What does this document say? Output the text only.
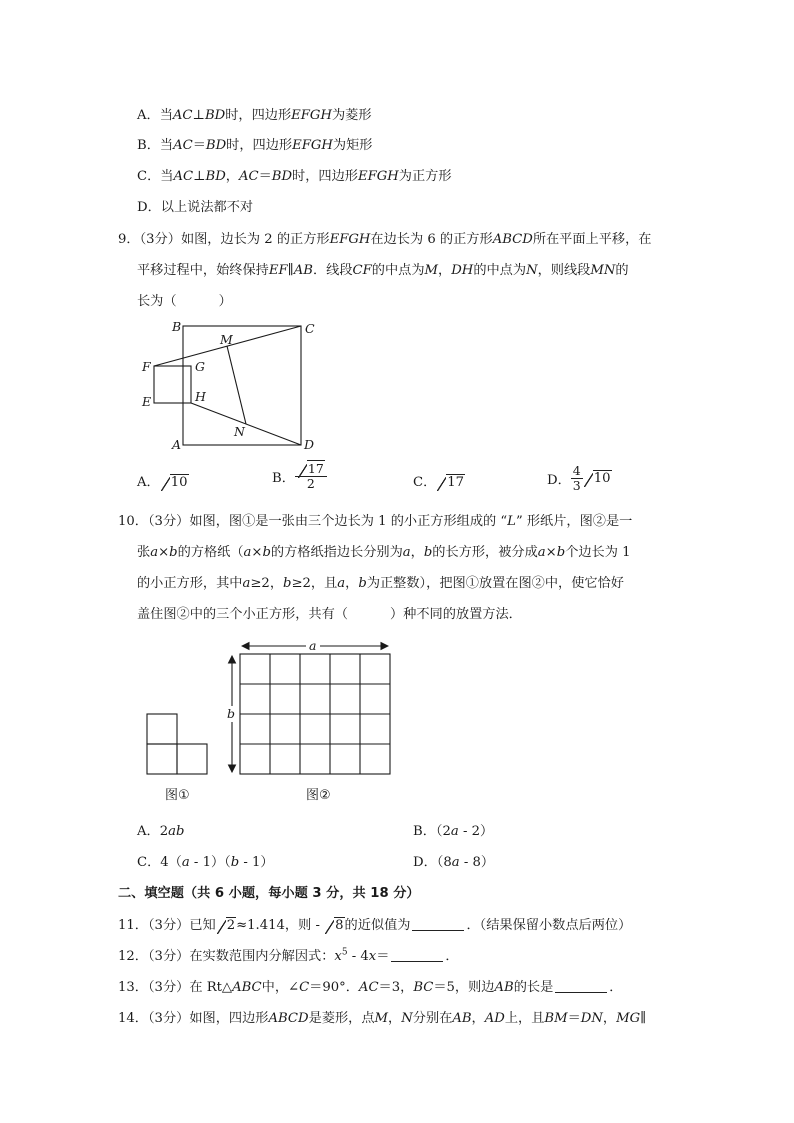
A．当AC⊥BD时，四边形EFGH为菱形
B．当AC＝BD时，四边形EFGH为矩形
C．当AC⊥BD，AC＝BD时，四边形EFGH为正方形
D．以上说法都不对
9．（3分）如图，边长为 2 的正方形EFGH在边长为 6 的正方形ABCD所在平面上平移，在
平移过程中，始终保持EF∥AB．线段CF的中点为M，DH的中点为N，则线段MN的
长为（	）
B	C
M
F	G
E	H
N
A	D
A． 10	B． $\frac{17}{2}$	C． 17	D． $\frac{4}{3} 10$
10．（3分）如图，图①是一张由三个边长为 1 的小正方形组成的 “L” 形纸片，图②是一
张a×b的方格纸（a×b的方格纸指边长分别为a，b的长方形，被分成a×b个边长为 1
的小正方形，其中a≥2，b≥2，且a，b为正整数），把图①放置在图②中，使它恰好
盖住图②中的三个小正方形，共有（	）种不同的放置方法．
图①
a
b
图②
A．2ab	B．（2a - 2）
C．4（a - 1）（b - 1）	D．（8a - 8）
二、填空题（共 6 小题，每小题 3 分，共 18 分）
11．（3分）已知 2≈1.414，则 - 8的近似值为	．（结果保留小数点后两位）
12．（3分）在实数范围内分解因式：$x^5 - 4x=$	．
13．（3分）在 Rt△ABC中，∠C＝90°．AC＝3，BC＝5，则边AB的长是	．
14．（3分）如图，四边形ABCD是菱形，点M，N分别在AB，AD上，且BM＝DN，MG∥
